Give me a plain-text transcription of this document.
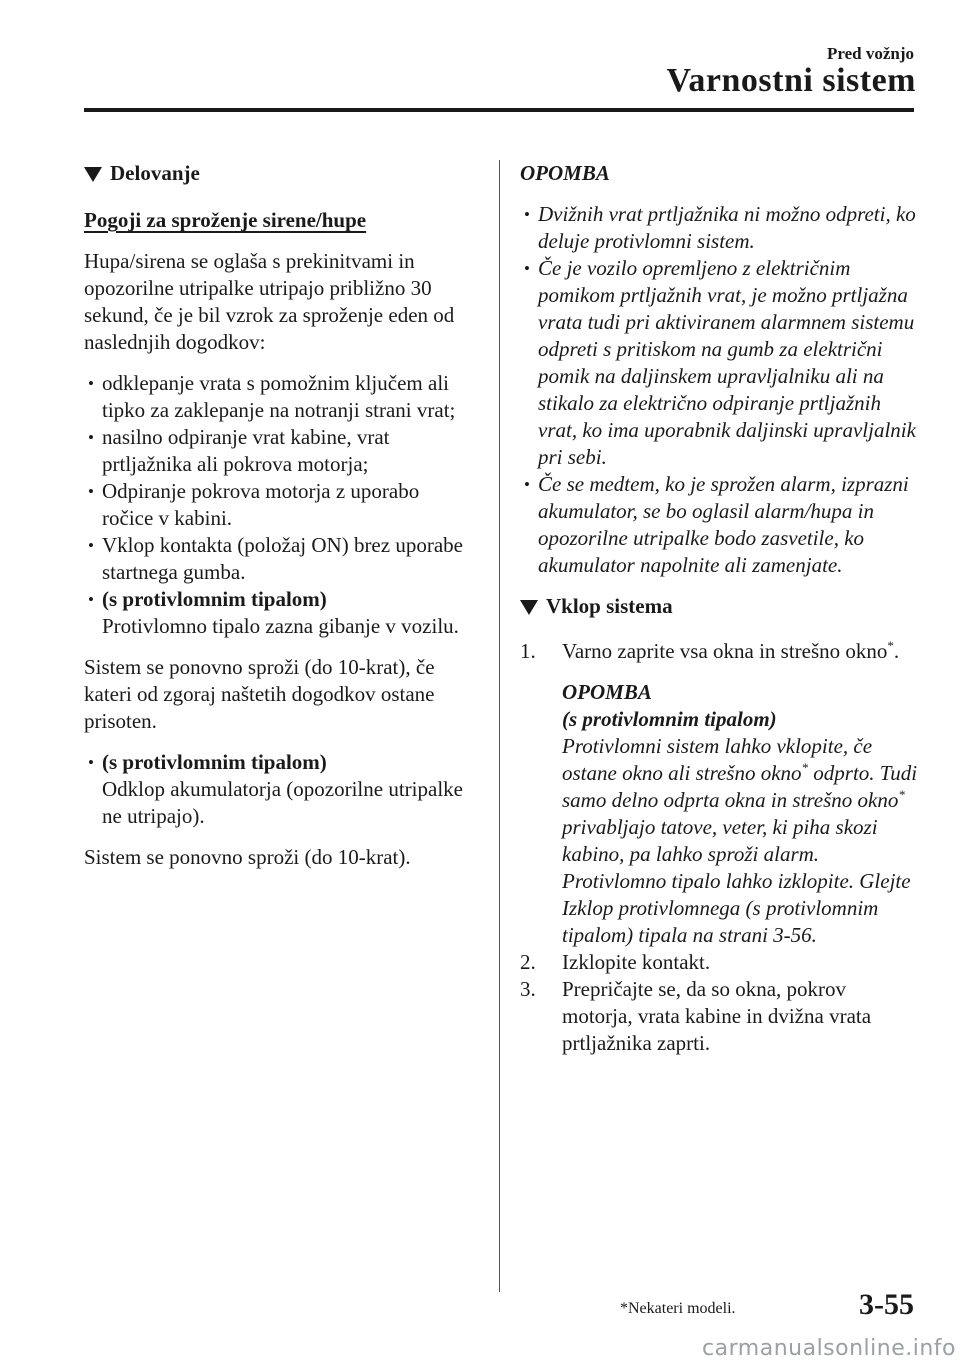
Pred vožnjo
Varnostni sistem
Delovanje

Pogoji za sproženje sirene/hupe

Hupa/sirena se oglaša s prekinitvami in opozorilne utripalke utripajo približno 30 sekund, če je bil vzrok za sproženje eden od naslednjih dogodkov:

• odklepanje vrata s pomožnim ključem ali tipko za zaklepanje na notranji strani vrat;
• nasilno odpiranje vrat kabine, vrat prtljažnika ali pokrova motorja;
• Odpiranje pokrova motorja z uporabo ročice v kabini.
• Vklop kontakta (položaj ON) brez uporabe startnega gumba.
• (s protivlomnim tipalom)
Protivlomno tipalo zazna gibanje v vozilu.

Sistem se ponovno sproži (do 10-krat), če kateri od zgoraj naštetih dogodkov ostane prisoten.

• (s protivlomnim tipalom)
Odklop akumulatorja (opozorilne utripalke ne utripajo).

Sistem se ponovno sproži (do 10-krat).

OPOMBA

• Dvižnih vrat prtljažnika ni možno odpreti, ko deluje protivlomni sistem.
• Če je vozilo opremljeno z električnim pomikom prtljažnih vrat, je možno prtljažna vrata tudi pri aktiviranem alarmnem sistemu odpreti s pritiskom na gumb za električni pomik na daljinskem upravljalniku ali na stikalo za električno odpiranje prtljažnih vrat, ko ima uporabnik daljinski upravljalnik pri sebi.
• Če se medtem, ko je sprožen alarm, izprazni akumulator, se bo oglasil alarm/hupa in opozorilne utripalke bodo zasvetile, ko akumulator napolnite ali zamenjate.
Vklop sistema
1. Varno zaprite vsa okna in strešno okno*.

OPOMBA

(s protivlomnim tipalom)

Protivlomni sistem lahko vklopite, če ostane okno ali strešno okno* odprto. Tudi samo delno odprta okna in strešno okno* privabljajo tatove, veter, ki piha skozi kabino, pa lahko sproži alarm.

Protivlomno tipalo lahko izklopite. Glejte Izklop protivlomnega (s protivlomnim tipalom) tipala na strani 3-56.

2. Izklopite kontakt.
3. Prepričajte se, da so okna, pokrov motorja, vrata kabine in dvižna vrata prtljažnika zaprti.
*Nekateri modeli.	3-55
carmanualsonline.info
